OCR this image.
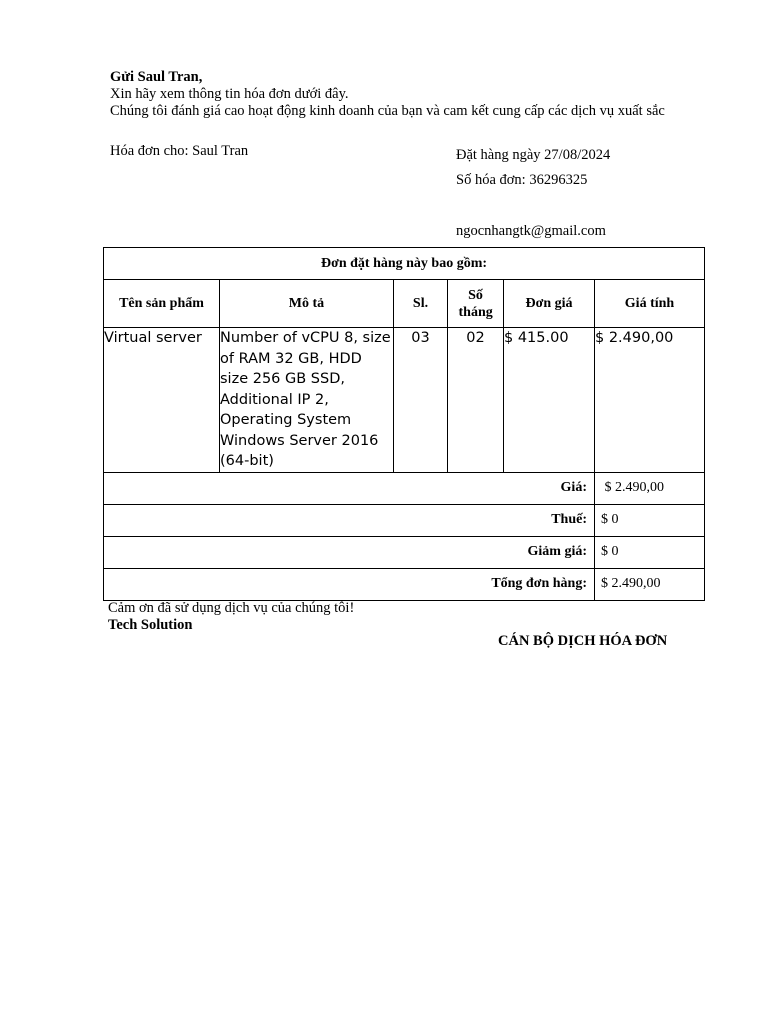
Gửi Saul Tran,
Xin hãy xem thông tin hóa đơn dưới đây.
Chúng tôi đánh giá cao hoạt động kinh doanh của bạn và cam kết cung cấp các dịch vụ xuất sắc
Hóa đơn cho: Saul Tran	Đặt hàng ngày 27/08/2024
Số hóa đơn: 36296325
ngocnhangtk@gmail.com
Đơn đặt hàng này bao gồm:					
Tên sản phẩm	Mô tả	Sl.	Số tháng	Đơn giá	Giá tính
Virtual server	Number of vCPU 8, size of RAM 32 GB, HDD size 256 GB SSD, Additional IP 2, Operating System Windows Server 2016 (64-bit)	03	02	$ 415.00	$ 2.490,00
Giá:					$ 2.490,00
Thuế:					$ 0
Giảm giá:					$ 0
Tổng đơn hàng:					$ 2.490,00
Cảm ơn đã sử dụng dịch vụ của chúng tôi!
Tech Solution
CÁN BỘ DỊCH HÓA ĐƠN
